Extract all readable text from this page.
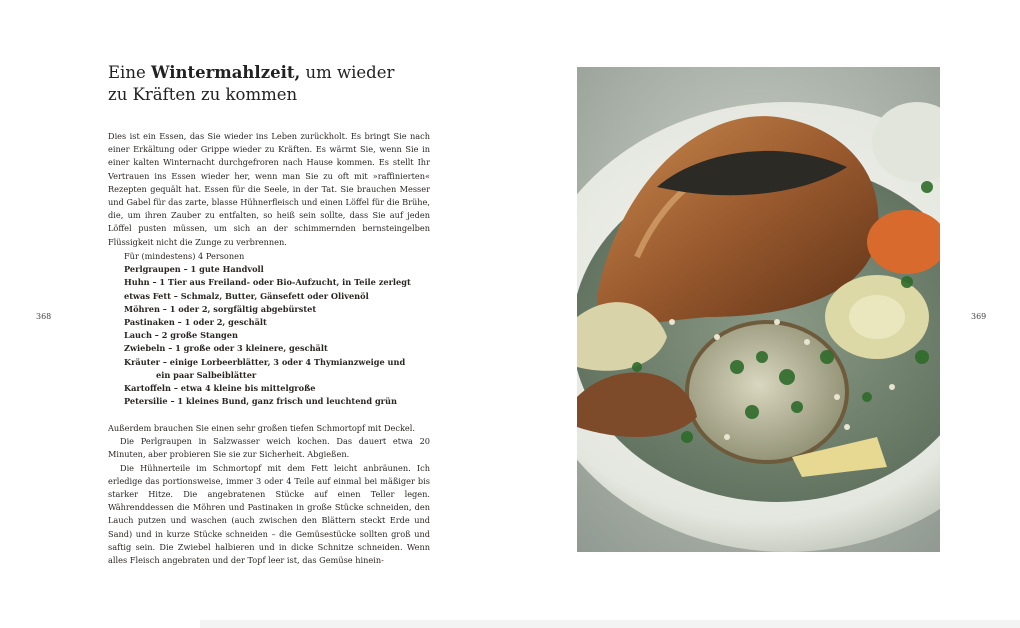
368	369
Eine Wintermahlzeit, um wieder
zu Kräften zu kommen

Dies ist ein Essen, das Sie wieder ins Leben zurückholt. Es bringt Sie nach einer Erkältung oder Grippe wieder zu Kräften. Es wärmt Sie, wenn Sie in einer kalten Winternacht durchgefroren nach Hause kommen. Es stellt Ihr Vertrauen ins Essen wieder her, wenn man Sie zu oft mit »raffinierten« Rezepten gequält hat. Essen für die Seele, in der Tat. Sie brauchen Messer und Gabel für das zarte, blasse Hühnerfleisch und einen Löffel für die Brühe, die, um ihren Zauber zu entfalten, so heiß sein sollte, dass Sie auf jeden Löffel pusten müssen, um sich an der schimmernden bernsteingelben Flüssigkeit nicht die Zunge zu verbrennen.

Für (mindestens) 4 Personen
Perlgraupen – 1 gute Handvoll
Huhn – 1 Tier aus Freiland- oder Bio-Aufzucht, in Teile zerlegt
etwas Fett – Schmalz, Butter, Gänsefett oder Olivenöl
Möhren – 1 oder 2, sorgfältig abgebürstet
Pastinaken – 1 oder 2, geschält
Lauch – 2 große Stangen
Zwiebeln – 1 große oder 3 kleinere, geschält
Kräuter – einige Lorbeerblätter, 3 oder 4 Thymianzweige und
ein paar Salbeiblätter
Kartoffeln – etwa 4 kleine bis mittelgroße
Petersilie – 1 kleines Bund, ganz frisch und leuchtend grün

Außerdem brauchen Sie einen sehr großen tiefen Schmortopf mit Deckel.

Die Perlgraupen in Salzwasser weich kochen. Das dauert etwa 20 Minuten, aber probieren Sie sie zur Sicherheit. Abgießen.

Die Hühnerteile im Schmortopf mit dem Fett leicht anbräunen. Ich erledige das portionsweise, immer 3 oder 4 Teile auf einmal bei mäßiger bis starker Hitze. Die angebratenen Stücke auf einen Teller legen. Währenddessen die Möhren und Pastinaken in große Stücke schneiden, den Lauch putzen und waschen (auch zwischen den Blättern steckt Erde und Sand) und in kurze Stücke schneiden – die Gemüsestücke sollten groß und saftig sein. Die Zwiebel halbieren und in dicke Schnitze schneiden. Wenn alles Fleisch angebraten und der Topf leer ist, das Gemüse hinein-
